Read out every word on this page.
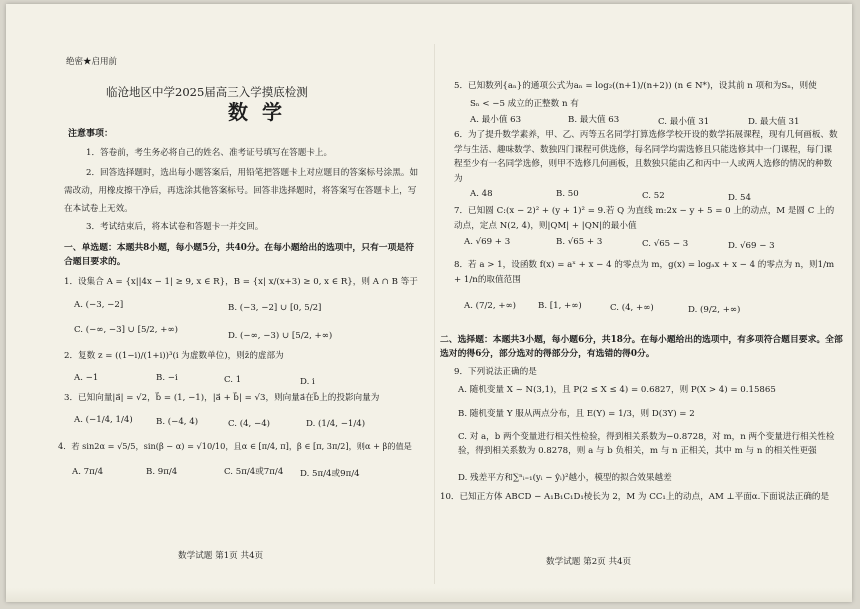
绝密★启用前
临沧地区中学2025届高三入学摸底检测
数学
注意事项：
1．答卷前，考生务必将自己的姓名、准考证号填写在答题卡上。
2．回答选择题时，选出每小题答案后，用铅笔把答题卡上对应题目的答案标号涂黑。如需改动，用橡皮擦干净后，再选涂其他答案标号。回答非选择题时，将答案写在答题卡上，写在本试卷上无效。
3．考试结束后，将本试卷和答题卡一并交回。
一、单选题：本题共8小题，每小题5分，共40分。在每小题给出的选项中，只有一项是符合题目要求的。
1．设集合 A = {x||4x − 1| ≥ 9, x ∈ R}，B = {x| x/(x+3) ≥ 0, x ∈ R}，则 A ∩ B 等于
A. (−3, −2]	B. (−3, −2] ∪ [0, 5/2]
C. (−∞, −3] ∪ [5/2, +∞)
D. (−∞, −3) ∪ [5/2, +∞)
2．复数 z = ((1−i)/(1+i))³(i 为虚数单位)，则z̄的虚部为
A. −1	B. −i	C. 1	D. i
3．已知向量|a⃗| = √2，b⃗ = (1, −1)，|a⃗ + b⃗| = √3，则向量a⃗在b⃗上的投影向量为
A. (−1/4, 1/4)	B. (−4, 4)	C. (4, −4)	D. (1/4, −1/4)
4．若 sin2α = √5/5，sin(β − α) = √10/10，且α ∈ [π/4, π]，β ∈ [π, 3π/2]，则α + β的值是
A. 7π/4	B. 9π/4	C. 5π/4或7π/4 D. 5π/4或9π/4
数学试题 第1页 共4页
5．已知数列{aₙ}的通项公式为aₙ = log₂((n+1)/(n+2)) (n ∈ N*)，设其前 n 项和为Sₙ，则使
Sₙ < −5 成立的正整数 n 有
A. 最小值 63	B. 最大值 63	C. 最小值 31	D. 最大值 31
6．为了提升数学素养，甲、乙、丙等五名同学打算选修学校开设的数学拓展课程，现有几何画板、数学与生活、趣味数学、数独四门课程可供选修，每名同学均需选修且只能选修其中一门课程，每门课程至少有一名同学选修，则甲不选修几何画板，且数独只能由乙和丙中一人或两人选修的情况的种数为
A. 48	B. 50	C. 52	D. 54
7．已知圆 C:(x − 2)² + (y + 1)² = 9.若 Q 为直线 m:2x − y + 5 = 0 上的动点，M 是圆 C 上的动点，定点 N(2, 4)，则|QM| + |QN|的最小值
A. √69 + 3	B. √65 + 3	C. √65 − 3	D. √69 − 3
8．若 a > 1，设函数 f(x) = aˣ + x − 4 的零点为 m，g(x) = logₐx + x − 4 的零点为 n，则1/m + 1/n的取值范围
A. (7/2, +∞)	B. [1, +∞)	C. (4, +∞)	D. (9/2, +∞)
二、选择题：本题共3小题，每小题6分，共18分。在每小题给出的选项中，有多项符合题目要求。全部选对的得6分，部分选对的得部分分，有选错的得0分。
9．下列说法正确的是
A. 随机变量 X ~ N(3,1)，且 P(2 ≤ X ≤ 4) = 0.6827，则 P(X > 4) = 0.15865
B. 随机变量 Y 服从两点分布，且 E(Y) = 1/3，则 D(3Y) = 2
C. 对 a，b 两个变量进行相关性检验，得到相关系数为−0.8728，对 m，n 两个变量进行相关性检验，得到相关系数为 0.8278，则 a 与 b 负相关，m 与 n 正相关，其中 m 与 n 的相关性更强
D. 残差平方和∑ⁿᵢ₌₁(yᵢ − ŷᵢ)²越小，模型的拟合效果越差
10．已知正方体 ABCD − A₁B₁C₁D₁棱长为 2，M 为 CC₁上的动点，AM ⊥平面α.下面说法正确的是
数学试题 第2页 共4页
